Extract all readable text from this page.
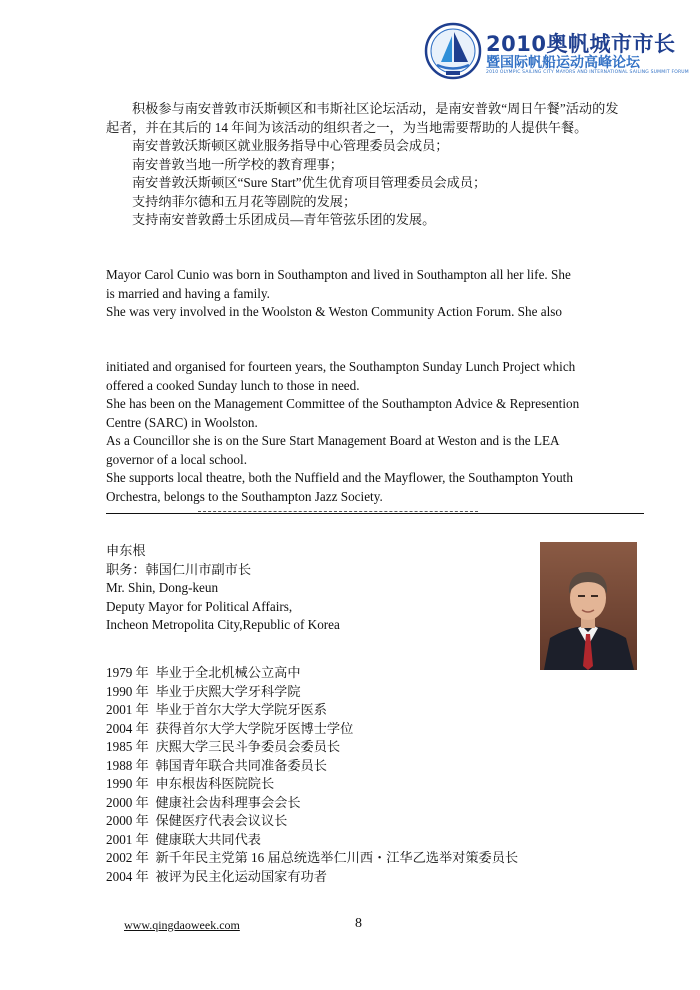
2010奥帆城市市长
暨国际帆船运动高峰论坛
2010 OLYMPIC SAILING CITY MAYORS AND INTERNATIONAL SAILING SUMMIT FORUM

积极参与南安普敦市沃斯顿区和韦斯社区论坛活动，是南安普敦“周日午餐”活动的发起者，并在其后的 14 年间为该活动的组织者之一，为当地需要帮助的人提供午餐。

南安普敦沃斯顿区就业服务指导中心管理委员会成员；

南安普敦当地一所学校的教育理事；

南安普敦沃斯顿区“Sure Start”优生优育项目管理委员会成员；

支持纳菲尔德和五月花等剧院的发展；

支持南安普敦爵士乐团成员—青年管弦乐团的发展。

Mayor Carol Cunio was born in Southampton and lived in Southampton all her life. She

is married and having a family.

She was very involved in the Woolston & Weston Community Action Forum. She also

initiated and organised for fourteen years, the Southampton Sunday Lunch Project which

offered a cooked Sunday lunch to those in need.

She has been on the Management Committee of the Southampton Advice & Represention

Centre (SARC) in Woolston.

As a Councillor she is on the Sure Start Management Board at Weston and is the LEA

governor of a local school.

She supports local theatre, both the Nuffield and the Mayflower, the Southampton Youth

Orchestra, belongs to the Southampton Jazz Society.

申东根

职务：韩国仁川市副市长

Mr. Shin, Dong-keun

Deputy Mayor for Political Affairs,

Incheon Metropolita City,Republic of Korea

1979 年 毕业于全北机械公立高中

1990 年 毕业于庆熙大学牙科学院

2001 年 毕业于首尔大学大学院牙医系

2004 年 获得首尔大学大学院牙医博士学位

1985 年 庆熙大学三民斗争委员会委员长

1988 年 韩国青年联合共同准备委员长

1990 年 申东根齿科医院院长

2000 年 健康社会齿科理事会会长

2000 年 保健医疗代表会议议长

2001 年 健康联大共同代表

2002 年 新千年民主党第 16 届总统选举仁川西・江华乙选举对策委员长

2004 年 被评为民主化运动国家有功者

www.qingdaoweek.com	8
